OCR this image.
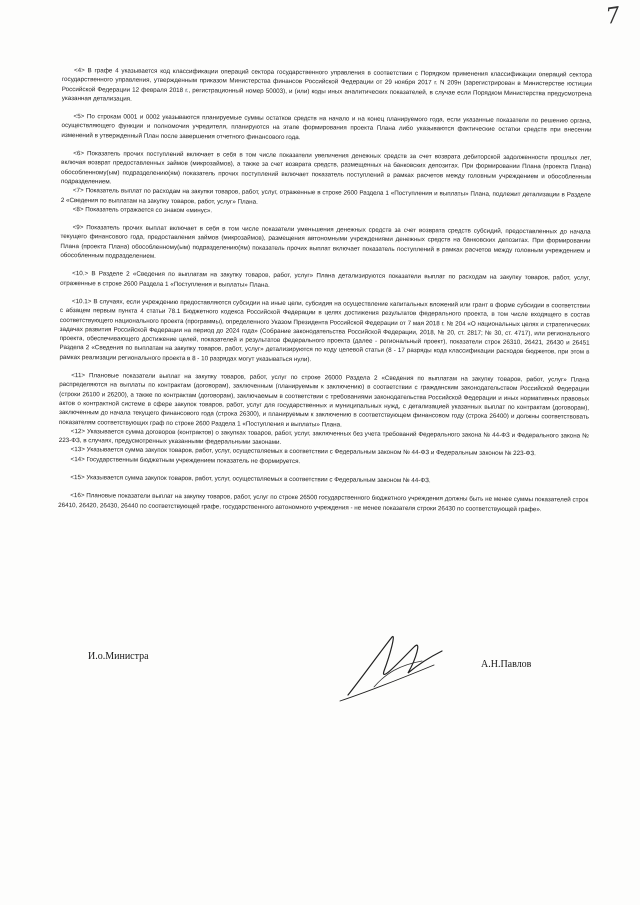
7

<4> В графе 4 указывается код классификации операций сектора государственного управления в соответствии с Порядком применения классификации операций сектора государственного управления, утвержденным приказом Министерства финансов Российской Федерации от 29 ноября 2017 г. N 209н (зарегистрирован в Министерстве юстиции Российской Федерации 12 февраля 2018 г., регистрационный номер 50003), и (или) коды иных аналитических показателей, в случае если Порядком Министерства предусмотрена указанная детализация.

<5> По строкам 0001 и 0002 указываются планируемые суммы остатков средств на начало и на конец планируемого года, если указанные показатели по решению органа, осуществляющего функции и полномочия учредителя, планируются на этапе формирования проекта Плана либо указываются фактические остатки средств при внесении изменений в утвержденный План после завершения отчетного финансового года.

<6> Показатель прочих поступлений включает в себя в том числе показатели увеличения денежных средств за счет возврата дебиторской задолженности прошлых лет, включая возврат предоставленных займов (микрозаймов), а также за счет возврата средств, размещенных на банковских депозитах. При формировании Плана (проекта Плана) обособленному(ым) подразделению(ям) показатель прочих поступлений включает показатель поступлений в рамках расчетов между головным учреждением и обособленным подразделением.

<7> Показатель выплат по расходам на закупки товаров, работ, услуг, отраженные в строке 2600 Раздела 1 «Поступления и выплаты» Плана, подлежит детализации в Разделе 2 «Сведения по выплатам на закупку товаров, работ, услуг» Плана.

<8> Показатель отражается со знаком «минус».

<9> Показатель прочих выплат включает в себя в том числе показатели уменьшения денежных средств за счет возврата средств субсидий, предоставленных до начала текущего финансового года, предоставления займов (микрозаймов), размещения автономными учреждениями денежных средств на банковских депозитах. При формировании Плана (проекта Плана) обособленному(ым) подразделению(ям) показатель прочих выплат включает показатель поступлений в рамках расчетов между головным учреждением и обособленным подразделением.

<10.> В Разделе 2 «Сведения по выплатам на закупку товаров, работ, услуг» Плана детализируются показатели выплат по расходам на закупку товаров, работ, услуг, отраженные в строке 2600 Раздела 1 «Поступления и выплаты» Плана.

<10.1> В случаях, если учреждению предоставляются субсидии на иные цели, субсидия на осуществление капитальных вложений или грант в форме субсидии в соответствии с абзацем первым пункта 4 статьи 78.1 Бюджетного кодекса Российской Федерации в целях достижения результатов федерального проекта, в том числе входящего в состав соответствующего национального проекта (программы), определенного Указом Президента Российской Федерации от 7 мая 2018 г. № 204 «О национальных целях и стратегических задачах развития Российской Федерации на период до 2024 года» (Собрание законодательства Российской Федерации, 2018, № 20, ст. 2817; № 30, ст. 4717), или регионального проекта, обеспечивающего достижение целей, показателей и результатов федерального проекта (далее - региональный проект), показатели строк 26310, 26421, 26430 и 26451 Раздела 2 «Сведения по выплатам на закупку товаров, работ, услуг» детализируются по коду целевой статьи (8 - 17 разряды кода классификации расходов бюджетов, при этом в рамках реализации регионального проекта в 8 - 10 разрядах могут указываться нули).

<11> Плановые показатели выплат на закупку товаров, работ, услуг по строке 26000 Раздела 2 «Сведения по выплатам на закупку товаров, работ, услуг» Плана распределяются на выплаты по контрактам (договорам), заключенным (планируемым к заключению) в соответствии с гражданским законодательством Российской Федерации (строки 26100 и 26200), а также по контрактам (договорам), заключаемым в соответствии с требованиями законодательства Российской Федерации и иных нормативных правовых актов о контрактной системе в сфере закупок товаров, работ, услуг для государственных и муниципальных нужд, с детализацией указанных выплат по контрактам (договорам), заключенным до начала текущего финансового года (строка 26300), и планируемым к заключению в соответствующем финансовом году (строка 26400) и должны соответствовать показателям соответствующих граф по строке 2600 Раздела 1 «Поступления и выплаты» Плана.

<12> Указывается сумма договоров (контрактов) о закупках товаров, работ, услуг, заключенных без учета требований Федерального закона № 44-ФЗ и Федерального закона № 223-ФЗ, в случаях, предусмотренных указанными федеральными законами.

<13> Указывается сумма закупок товаров, работ, услуг, осуществляемых в соответствии с Федеральным законом № 44-ФЗ и Федеральным законом № 223-ФЗ.

<14> Государственным бюджетным учреждением показатель не формируется.

<15> Указывается сумма закупок товаров, работ, услуг, осуществляемых в соответствии с Федеральным законом № 44-ФЗ.

<16> Плановые показатели выплат на закупку товаров, работ, услуг по строке 26500 государственного бюджетного учреждения должны быть не менее суммы показателей строк 26410, 26420, 26430, 26440 по соответствующей графе, государственного автономного учреждения - не менее показателя строки 26430 по соответствующей графе».

И.о.Министра
А.Н.Павлов
